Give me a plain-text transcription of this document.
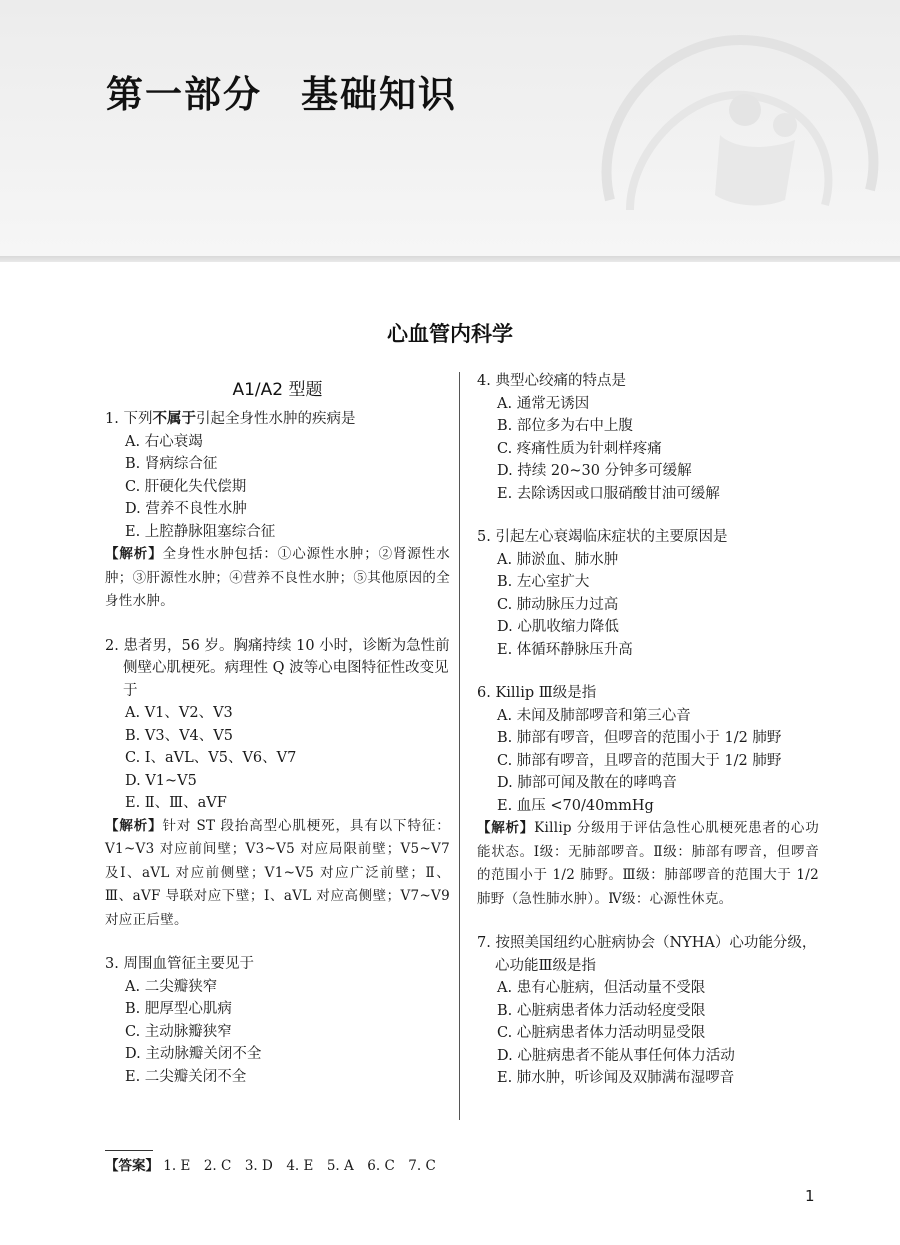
第一部分　基础知识
心血管内科学
A1/A2 型题
1. 下列不属于引起全身性水肿的疾病是
A. 右心衰竭
B. 肾病综合征
C. 肝硬化失代偿期
D. 营养不良性水肿
E. 上腔静脉阻塞综合征
【解析】全身性水肿包括：①心源性水肿；②肾源性水肿；③肝源性水肿；④营养不良性水肿；⑤其他原因的全身性水肿。
2. 患者男，56 岁。胸痛持续 10 小时，诊断为急性前侧壁心肌梗死。病理性 Q 波等心电图特征性改变见于
A. V1、V2、V3
B. V3、V4、V5
C. Ⅰ、aVL、V5、V6、V7
D. V1~V5
E. Ⅱ、Ⅲ、aVF
【解析】针对 ST 段抬高型心肌梗死，具有以下特征：V1~V3 对应前间壁；V3~V5 对应局限前壁；V5~V7 及Ⅰ、aVL 对应前侧壁；V1~V5 对应广泛前壁；Ⅱ、Ⅲ、aVF 导联对应下壁；Ⅰ、aVL 对应高侧壁；V7~V9 对应正后壁。
3. 周围血管征主要见于
A. 二尖瓣狭窄
B. 肥厚型心肌病
C. 主动脉瓣狭窄
D. 主动脉瓣关闭不全
E. 二尖瓣关闭不全
4. 典型心绞痛的特点是
A. 通常无诱因
B. 部位多为右中上腹
C. 疼痛性质为针刺样疼痛
D. 持续 20~30 分钟多可缓解
E. 去除诱因或口服硝酸甘油可缓解
5. 引起左心衰竭临床症状的主要原因是
A. 肺淤血、肺水肿
B. 左心室扩大
C. 肺动脉压力过高
D. 心肌收缩力降低
E. 体循环静脉压升高
6. Killip Ⅲ级是指
A. 未闻及肺部啰音和第三心音
B. 肺部有啰音，但啰音的范围小于 1/2 肺野
C. 肺部有啰音，且啰音的范围大于 1/2 肺野
D. 肺部可闻及散在的哮鸣音
E. 血压 <70/40mmHg
【解析】Killip 分级用于评估急性心肌梗死患者的心功能状态。Ⅰ级：无肺部啰音。Ⅱ级：肺部有啰音，但啰音的范围小于 1/2 肺野。Ⅲ级：肺部啰音的范围大于 1/2 肺野（急性肺水肿）。Ⅳ级：心源性休克。
7. 按照美国纽约心脏病协会（NYHA）心功能分级，心功能Ⅲ级是指
A. 患有心脏病，但活动量不受限
B. 心脏病患者体力活动轻度受限
C. 心脏病患者体力活动明显受限
D. 心脏病患者不能从事任何体力活动
E. 肺水肿，听诊闻及双肺满布湿啰音
【答案】 1. E　2. C　3. D　4. E　5. A　6. C　7. C
1
